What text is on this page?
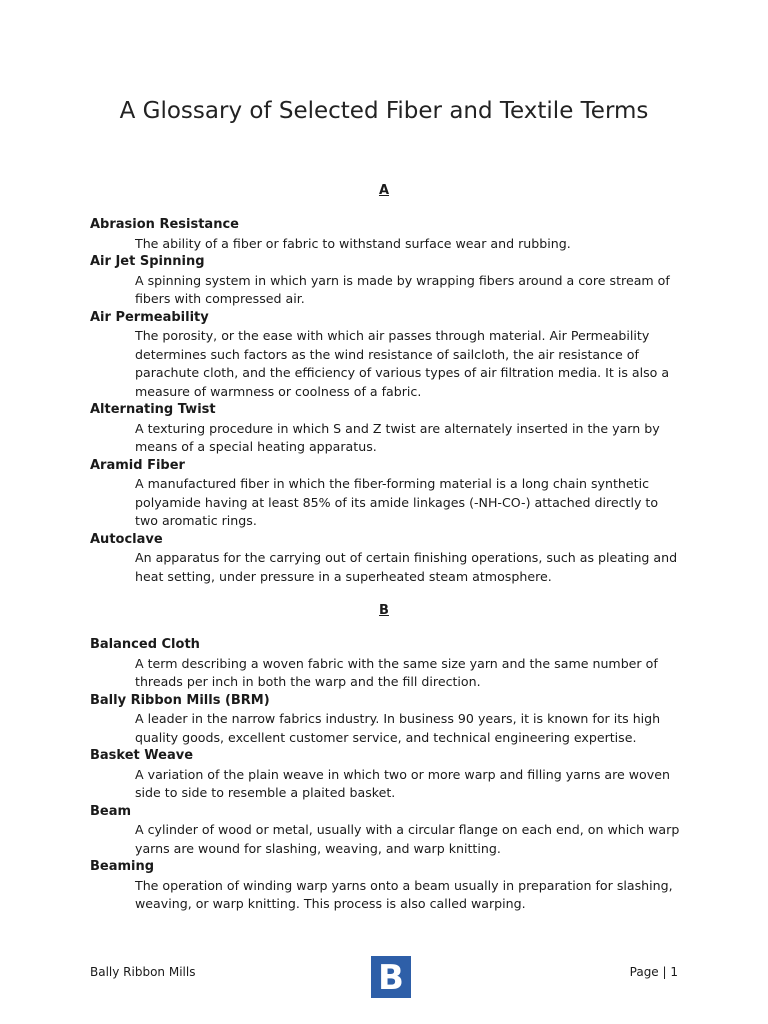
A Glossary of Selected Fiber and Textile Terms
A
Abrasion Resistance
The ability of a fiber or fabric to withstand surface wear and rubbing.
Air Jet Spinning
A spinning system in which yarn is made by wrapping fibers around a core stream of fibers with compressed air.
Air Permeability
The porosity, or the ease with which air passes through material. Air Permeability determines such factors as the wind resistance of sailcloth, the air resistance of parachute cloth, and the efficiency of various types of air filtration media. It is also a measure of warmness or coolness of a fabric.
Alternating Twist
A texturing procedure in which S and Z twist are alternately inserted in the yarn by means of a special heating apparatus.
Aramid Fiber
A manufactured fiber in which the fiber-forming material is a long chain synthetic polyamide having at least 85% of its amide linkages (-NH-CO-) attached directly to two aromatic rings.
Autoclave
An apparatus for the carrying out of certain finishing operations, such as pleating and heat setting, under pressure in a superheated steam atmosphere.
B
Balanced Cloth
A term describing a woven fabric with the same size yarn and the same number of threads per inch in both the warp and the fill direction.
Bally Ribbon Mills (BRM)
A leader in the narrow fabrics industry. In business 90 years, it is known for its high quality goods, excellent customer service, and technical engineering expertise.
Basket Weave
A variation of the plain weave in which two or more warp and filling yarns are woven side to side to resemble a plaited basket.
Beam
A cylinder of wood or metal, usually with a circular flange on each end, on which warp yarns are wound for slashing, weaving, and warp knitting.
Beaming
The operation of winding warp yarns onto a beam usually in preparation for slashing, weaving, or warp knitting. This process is also called warping.
Bally Ribbon Mills	B	Page | 1
